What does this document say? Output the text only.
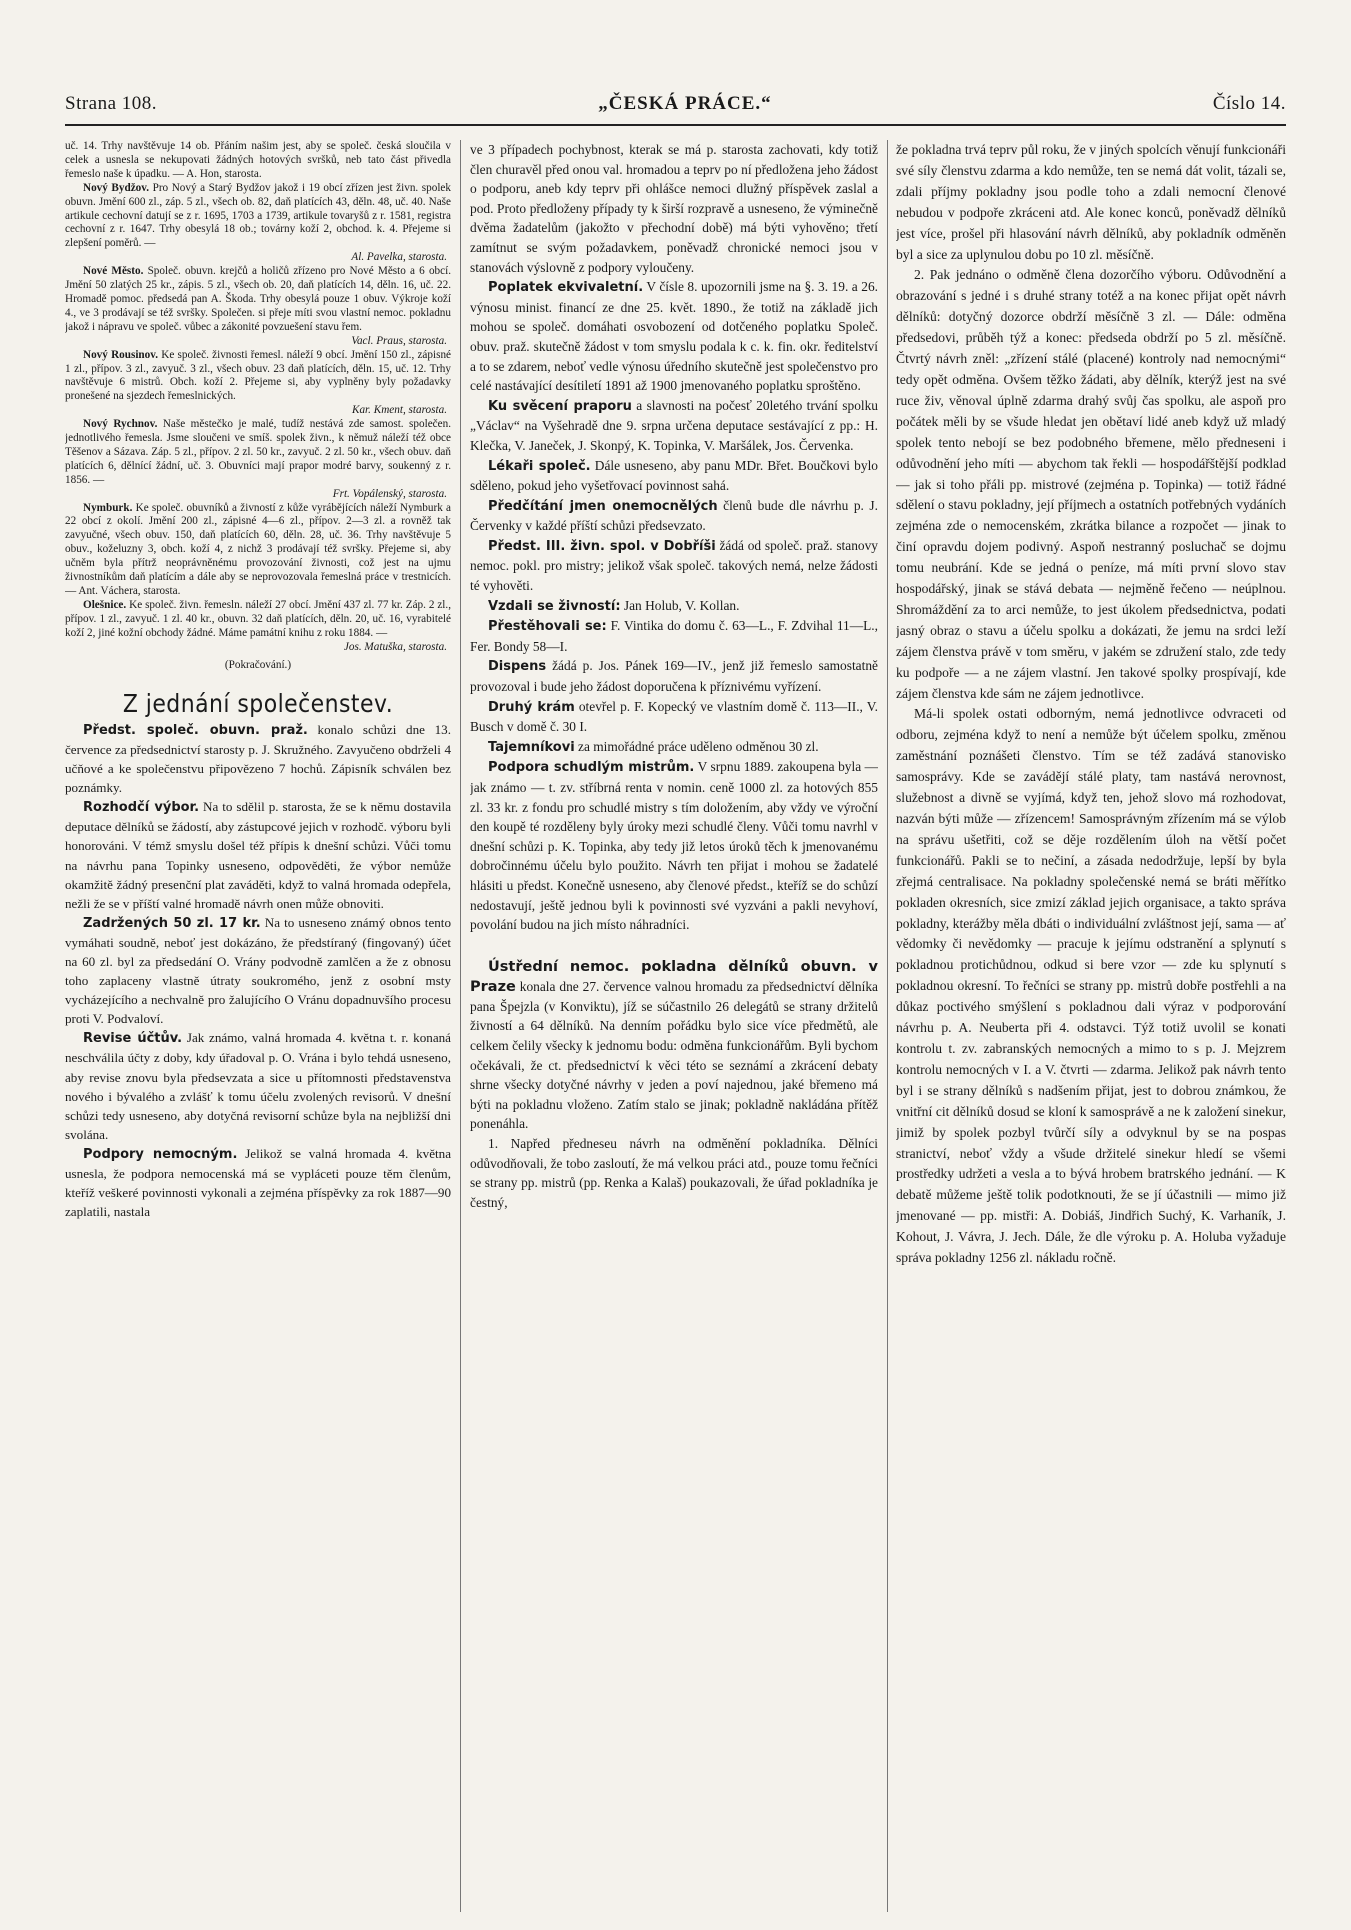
Strana 108.	„ČESKÁ PRÁCE.“	Číslo 14.

uč. 14. Trhy navštěvuje 14 ob. Přáním našim jest, aby se společ. česká sloučila v celek a usnesla se nekupovati žádných hotových svršků, neb tato část přivedla řemeslo naše k úpadku. — A. Hon, starosta.

Nový Bydžov. Pro Nový a Starý Bydžov jakož i 19 obcí zřízen jest živn. spolek obuvn. Jmění 600 zl., záp. 5 zl., všech ob. 82, daň platících 43, děln. 48, uč. 40. Naše artikule cechovní datují se z r. 1695, 1703 a 1739, artikule tovaryšů z r. 1581, registra cechovní z r. 1647. Trhy obesylá 18 ob.; továrny koží 2, obchod. k. 4. Přejeme si zlepšení poměrů. —

Al. Pavelka, starosta.

Nové Město. Společ. obuvn. krejčů a holičů zřízeno pro Nové Město a 6 obcí. Jmění 50 zlatých 25 kr., zápis. 5 zl., všech ob. 20, daň platících 14, děln. 16, uč. 22. Hromadě pomoc. předsedá pan A. Škoda. Trhy obesylá pouze 1 obuv. Výkroje koží 4., ve 3 prodávají se též svršky. Společen. si přeje míti svou vlastní nemoc. pokladnu jakož i nápravu ve společ. vůbec a zákonité povzuešení stavu řem.

Vacl. Praus, starosta.

Nový Rousinov. Ke společ. živnosti řemesl. náleží 9 obcí. Jmění 150 zl., zápisné 1 zl., přípov. 3 zl., zavyuč. 3 zl., všech obuv. 23 daň platících, děln. 15, uč. 12. Trhy navštěvuje 6 mistrů. Obch. koží 2. Přejeme si, aby vyplněny byly požadavky pronešené na sjezdech řemeslnických.

Kar. Kment, starosta.

Nový Rychnov. Naše městečko je malé, tudíž nestává zde samost. společen. jednotlivého řemesla. Jsme sloučeni ve smíš. spolek živn., k němuž náleží též obce Těšenov a Sázava. Záp. 5 zl., přípov. 2 zl. 50 kr., zavyuč. 2 zl. 50 kr., všech obuv. daň platících 6, dělnící žádní, uč. 3. Obuvníci mají prapor modré barvy, soukenný z r. 1856. —

Frt. Vopálenský, starosta.

Nymburk. Ke společ. obuvníků a živností z kůže vyrábějících náleží Nymburk a 22 obcí z okolí. Jmění 200 zl., zápisné 4—6 zl., přípov. 2—3 zl. a rovněž tak zavyučné, všech obuv. 150, daň platících 60, děln. 28, uč. 36. Trhy navštěvuje 5 obuv., koželuzny 3, obch. koží 4, z nichž 3 prodávají též svršky. Přejeme si, aby učněm byla přítrž neoprávněnému provozování živnosti, což jest na ujmu živnostníkům daň platícím a dále aby se neprovozovala řemeslná práce v trestnicích. — Ant. Váchera, starosta.

Olešnice. Ke společ. živn. řemesln. náleží 27 obcí. Jmění 437 zl. 77 kr. Záp. 2 zl., přípov. 1 zl., zavyuč. 1 zl. 40 kr., obuvn. 32 daň platících, děln. 20, uč. 16, vyrabitelé koží 2, jiné kožní obchody žádné. Máme památní knihu z roku 1884. —

Jos. Matuška, starosta.
(Pokračování.)
Z jednání společenstev.

Předst. společ. obuvn. praž. konalo schůzi dne 13. července za předsednictví starosty p. J. Skružného. Zavyučeno obdrželi 4 učňové a ke společenstvu připovězeno 7 hochů. Zápisník schválen bez poznámky.

Rozhodčí výbor. Na to sdělil p. starosta, že se k němu dostavila deputace dělníků se žádostí, aby zástupcové jejich v rozhodč. výboru byli honorováni. V témž smyslu došel též přípis k dnešní schůzi. Vůči tomu na návrhu pana Topinky usneseno, odpověděti, že výbor nemůže okamžitě žádný presenční plat zaváděti, když to valná hromada odepřela, nežli že se v příští valné hromadě návrh onen může obnoviti.

Zadržených 50 zl. 17 kr. Na to usneseno známý obnos tento vymáhati soudně, neboť jest dokázáno, že předstíraný (fingovaný) účet na 60 zl. byl za předsedání O. Vrány podvodně zamlčen a že z obnosu toho zaplaceny vlastně útraty soukromého, jenž z osobní msty vycházejícího a nechvalně pro žalujícího O Vránu dopadnuvšího procesu proti V. Podvaloví.

Revise účtův. Jak známo, valná hromada 4. května t. r. konaná neschválila účty z doby, kdy úřadoval p. O. Vrána i bylo tehdá usneseno, aby revise znovu byla předsevzata a sice u přítomnosti představenstva nového i bývalého a zvlášť k tomu účelu zvolených revisorů. V dnešní schůzi tedy usneseno, aby dotyčná revisorní schůze byla na nejbližší dni svolána.

Podpory nemocným. Jelikož se valná hromada 4. května usnesla, že podpora nemocenská má se vypláceti pouze těm členům, kteříž veškeré povinnosti vykonali a zejména příspěvky za rok 1887—90 zaplatili, nastala

ve 3 případech pochybnost, kterak se má p. starosta zachovati, kdy totiž člen churavěl před onou val. hromadou a teprv po ní předložena jeho žádost o podporu, aneb kdy teprv při ohlášce nemoci dlužný příspěvek zaslal a pod. Proto předloženy případy ty k širší rozpravě a usneseno, že výminečně dvěma žadatelům (jakožto v přechodní době) má býti vyhověno; třetí zamítnut se svým požadavkem, poněvadž chronické nemoci jsou v stanovách výslovně z podpory vyloučeny.

Poplatek ekvivaletní. V čísle 8. upozornili jsme na §. 3. 19. a 26. výnosu minist. financí ze dne 25. květ. 1890., že totiž na základě jich mohou se společ. domáhati osvobození od dotčeného poplatku Společ. obuv. praž. skutečně žádost v tom smyslu podala k c. k. fin. okr. ředitelství a to se zdarem, neboť vedle výnosu úředního skutečně jest společenstvo pro celé nastávající desítiletí 1891 až 1900 jmenovaného poplatku sproštěno.

Ku svěcení praporu a slavnosti na počesť 20letého trvání spolku „Václav“ na Vyšehradě dne 9. srpna určena deputace sestávající z pp.: H. Klečka, V. Janeček, J. Skonpý, K. Topinka, V. Maršálek, Jos. Červenka.

Lékaři společ. Dále usneseno, aby panu MDr. Břet. Boučkovi bylo sděleno, pokud jeho vyšetřovací povinnost sahá.

Předčítání jmen onemocnělých členů bude dle návrhu p. J. Červenky v každé příští schůzi předsevzato.

Předst. III. živn. spol. v Dobříši žádá od společ. praž. stanovy nemoc. pokl. pro mistry; jelikož však společ. takových nemá, nelze žádosti té vyhověti.

Vzdali se živností: Jan Holub, V. Kollan.

Přestěhovali se: F. Vintika do domu č. 63—L., F. Zdvihal 11—L., Fer. Bondy 58—I.

Dispens žádá p. Jos. Pánek 169—IV., jenž již řemeslo samostatně provozoval i bude jeho žádost doporučena k příznivému vyřízení.

Druhý krám otevřel p. F. Kopecký ve vlastním domě č. 113—II., V. Busch v domě č. 30 I.

Tajemníkovi za mimořádné práce uděleno odměnou 30 zl.

Podpora schudlým mistrům. V srpnu 1889. zakoupena byla — jak známo — t. zv. stříbrná renta v nomin. ceně 1000 zl. za hotových 855 zl. 33 kr. z fondu pro schudlé mistry s tím doložením, aby vždy ve výroční den koupě té rozděleny byly úroky mezi schudlé členy. Vůči tomu navrhl v dnešní schůzi p. K. Topinka, aby tedy již letos úroků těch k jmenovanému dobročinnému účelu bylo použito. Návrh ten přijat i mohou se žadatelé hlásiti u předst. Konečně usneseno, aby členové předst., kteříž se do schůzí nedostavují, ještě jednou byli k povinnosti své vyzváni a pakli nevyhoví, povolání budou na jich místo náhradníci.

Ústřední nemoc. pokladna dělníků obuvn. v Praze konala dne 27. července valnou hromadu za předsednictví dělníka pana Špejzla (v Konviktu), jíž se súčastnilo 26 delegátů se strany držitelů živností a 64 dělníků. Na denním pořádku bylo sice více předmětů, ale celkem čelily všecky k jednomu bodu: odměna funkcionářům. Byli bychom očekávali, že ct. předsednictví k věci této se seznámí a zkrácení debaty shrne všecky dotyčné návrhy v jeden a poví najednou, jaké břemeno má býti na pokladnu vloženo. Zatím stalo se jinak; pokladně nakládána přítěž ponenáhla.

1. Napřed předneseu návrh na odměnění pokladníka. Dělníci odůvodňovali, že tobo zasloutí, že má velkou práci atd., pouze tomu řečníci se strany pp. mistrů (pp. Renka a Kalaš) poukazovali, že úřad pokladníka je čestný,

že pokladna trvá teprv půl roku, že v jiných spolcích věnují funkcionáři své síly členstvu zdarma a kdo nemůže, ten se nemá dát volit, tázali se, zdali příjmy pokladny jsou podle toho a zdali nemocní členové nebudou v podpoře zkráceni atd. Ale konec konců, poněvadž dělníků jest více, prošel při hlasování návrh dělníků, aby pokladník odměněn byl a sice za uplynulou dobu po 10 zl. měsíčně.

2. Pak jednáno o odměně člena dozorčího výboru. Odůvodnění a obrazování s jedné i s druhé strany totéž a na konec přijat opět návrh dělníků: dotyčný dozorce obdrží měsíčně 3 zl. — Dále: odměna předsedovi, průběh týž a konec: předseda obdrží po 5 zl. měsíčně. Čtvrtý návrh zněl: „zřízení stálé (placené) kontroly nad nemocnými“ tedy opět odměna. Ovšem těžko žádati, aby dělník, kterýž jest na své ruce živ, věnoval úplně zdarma drahý svůj čas spolku, ale aspoň pro počátek měli by se všude hledat jen obětaví lidé aneb když už mladý spolek tento nebojí se bez podobného břemene, mělo předneseni i odůvodnění jeho míti — abychom tak řekli — hospodářštější podklad — jak si toho přáli pp. mistrové (zejména p. Topinka) — totiž řádné sdělení o stavu pokladny, její příjmech a ostatních potřebných vydáních zejména zde o nemocenském, zkrátka bilance a rozpočet — jinak to činí opravdu dojem podivný. Aspoň nestranný posluchač se dojmu tomu neubrání. Kde se jedná o peníze, má míti první slovo stav hospodářský, jinak se stává debata — nejměně řečeno — neúplnou. Shromáždění za to arci nemůže, to jest úkolem předsednictva, podati jasný obraz o stavu a účelu spolku a dokázati, že jemu na srdci leží zájem členstva právě v tom směru, v jakém se združení stalo, zde tedy ku podpoře — a ne zájem vlastní. Jen takové spolky prospívají, kde zájem členstva kde sám ne zájem jednotlivce.

Má-li spolek ostati odborným, nemá jednotlivce odvraceti od odboru, zejména když to není a nemůže být účelem spolku, změnou zaměstnání poznášeti členstvo. Tím se též zadává stanovisko samosprávy. Kde se zavádějí stálé platy, tam nastává nerovnost, služebnost a divně se vyjímá, když ten, jehož slovo má rozhodovat, nazván býti může — zřízencem! Samosprávným zřízením má se výlob na správu ušetřiti, což se děje rozdělením úloh na větší počet funkcionářů. Pakli se to nečiní, a zásada nedodržuje, lepší by byla zřejmá centralisace. Na pokladny společenské nemá se bráti měřítko pokladen okresních, sice zmizí základ jejich organisace, a takto správa pokladny, kterážby měla dbáti o individuální zvláštnost její, sama — ať vědomky či nevědomky — pracuje k jejímu odstranění a splynutí s pokladnou protichůdnou, odkud si bere vzor — zde ku splynutí s pokladnou okresní. To řečníci se strany pp. mistrů dobře postřehli a na důkaz poctivého smýšlení s pokladnou dali výraz v podporování návrhu p. A. Neuberta při 4. odstavci. Týž totiž uvolil se konati kontrolu t. zv. zabranských nemocných a mimo to s p. J. Mejzrem kontrolu nemocných v I. a V. čtvrti — zdarma. Jelikož pak návrh tento byl i se strany dělníků s nadšením přijat, jest to dobrou známkou, že vnitřní cit dělníků dosud se kloní k samosprávě a ne k založení sinekur, jimiž by spolek pozbyl tvůrčí síly a odvyknul by se na pospas stranictví, neboť vždy a všude držitelé sinekur hledí se všemi prostředky udržeti a vesla a to bývá hrobem bratrského jednání. — K debatě můžeme ještě tolik podotknouti, že se jí účastnili — mimo již jmenované — pp. mistři: A. Dobiáš, Jindřich Suchý, K. Varhaník, J. Kohout, J. Vávra, J. Jech. Dále, že dle výroku p. A. Holuba vyžaduje správa pokladny 1256 zl. nákladu ročně.
